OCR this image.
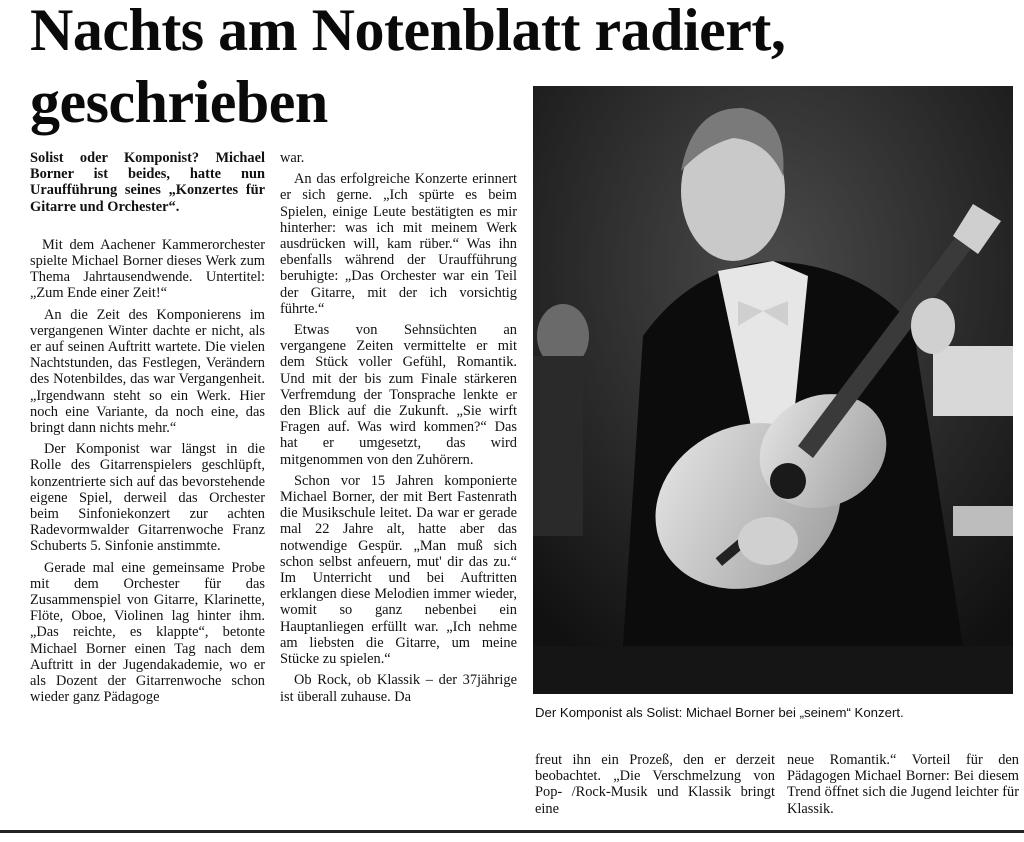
Nachts am Notenblatt radiert, geschrieben

Solist oder Komponist? Michael Borner ist beides, hatte nun Uraufführung seines „Konzertes für Gitarre und Orchester“.

Mit dem Aachener Kammerorchester spielte Michael Borner dieses Werk zum Thema Jahrtausendwende. Untertitel: „Zum Ende einer Zeit!“

An die Zeit des Komponierens im vergangenen Winter dachte er nicht, als er auf seinen Auftritt wartete. Die vielen Nachtstunden, das Festlegen, Verändern des Notenbildes, das war Vergangenheit. „Irgendwann steht so ein Werk. Hier noch eine Variante, da noch eine, das bringt dann nichts mehr.“

Der Komponist war längst in die Rolle des Gitarrenspielers geschlüpft, konzentrierte sich auf das bevorstehende eigene Spiel, derweil das Orchester beim Sinfoniekonzert zur achten Radevormwalder Gitarrenwoche Franz Schuberts 5. Sinfonie anstimmte.

Gerade mal eine gemeinsame Probe mit dem Orchester für das Zusammenspiel von Gitarre, Klarinette, Flöte, Oboe, Violinen lag hinter ihm. „Das reichte, es klappte“, betonte Michael Borner einen Tag nach dem Auftritt in der Jugendakademie, wo er als Dozent der Gitarrenwoche schon wieder ganz Pädagoge

war.

An das erfolgreiche Konzerte erinnert er sich gerne. „Ich spürte es beim Spielen, einige Leute bestätigten es mir hinterher: was ich mit meinem Werk ausdrücken will, kam rüber.“ Was ihn ebenfalls während der Uraufführung beruhigte: „Das Orchester war ein Teil der Gitarre, mit der ich vorsichtig führte.“

Etwas von Sehnsüchten an vergangene Zeiten vermittelte er mit dem Stück voller Gefühl, Romantik. Und mit der bis zum Finale stärkeren Verfremdung der Tonsprache lenkte er den Blick auf die Zukunft. „Sie wirft Fragen auf. Was wird kommen?“ Das hat er umgesetzt, das wird mitgenommen von den Zuhörern.

Schon vor 15 Jahren komponierte Michael Borner, der mit Bert Fastenrath die Musikschule leitet. Da war er gerade mal 22 Jahre alt, hatte aber das notwendige Gespür. „Man muß sich schon selbst anfeuern, mut' dir das zu.“ Im Unterricht und bei Auftritten erklangen diese Melodien immer wieder, womit so ganz nebenbei ein Hauptanliegen erfüllt war. „Ich nehme am liebsten die Gitarre, um meine Stücke zu spielen.“

Ob Rock, ob Klassik – der 37jährige ist überall zuhause. Da

Der Komponist als Solist: Michael Borner bei „seinem“ Konzert.

freut ihn ein Prozeß, den er derzeit beobachtet. „Die Verschmelzung von Pop- /Rock-Musik und Klassik bringt eine

neue Romantik.“ Vorteil für den Pädagogen Michael Borner: Bei diesem Trend öffnet sich die Jugend leichter für Klassik.
